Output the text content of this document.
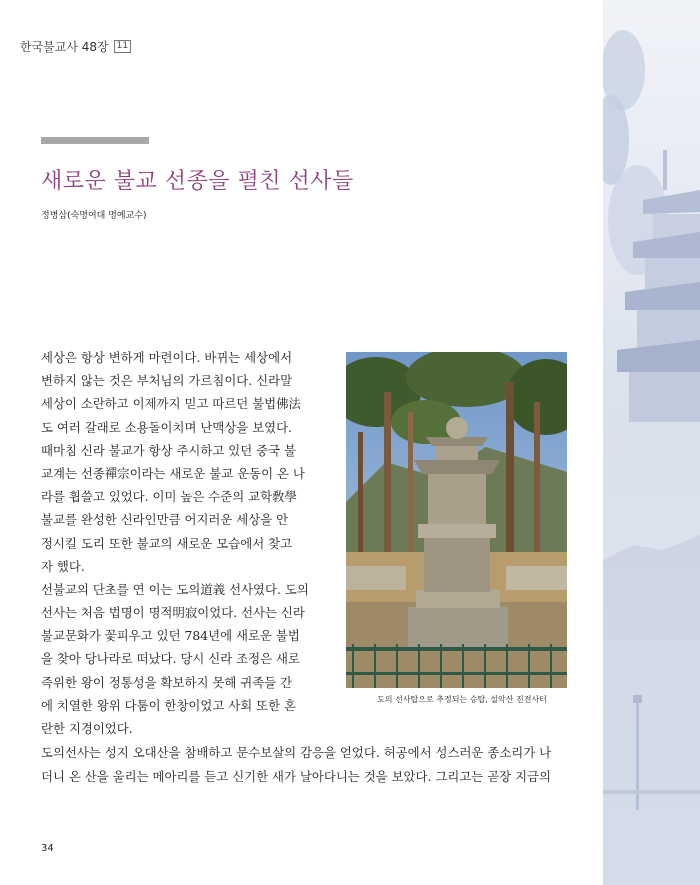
한국불교사 48장 11
새로운 불교 선종을 펼친 선사들
정병삼(숙명여대 명예교수)
세상은 항상 변하게 마련이다. 바뀌는 세상에서
변하지 않는 것은 부처님의 가르침이다. 신라말
세상이 소란하고 이제까지 믿고 따르던 불법佛法
도 여러 갈래로 소용돌이치며 난맥상을 보였다.
때마침 신라 불교가 항상 주시하고 있던 중국 불
교계는 선종禪宗이라는 새로운 불교 운동이 온 나
라를 휩쓸고 있었다. 이미 높은 수준의 교학敎學
불교를 완성한 신라인만큼 어지러운 세상을 안
정시킬 도리 또한 불교의 새로운 모습에서 찾고
자 했다.
선불교의 단초를 연 이는 도의道義 선사였다. 도의
선사는 처음 법명이 명적明寂이었다. 선사는 신라
불교문화가 꽃피우고 있던 784년에 새로운 불법
을 찾아 당나라로 떠났다. 당시 신라 조정은 새로
즉위한 왕이 정통성을 확보하지 못해 귀족들 간
에 치열한 왕위 다툼이 한창이었고 사회 또한 혼
란한 지경이었다.
도의 선사탑으로 추정되는 승탑, 설악산 진전사터
도의선사는 성지 오대산을 참배하고 문수보살의 감응을 얻었다. 허공에서 성스러운 종소리가 나
더니 온 산을 울리는 메아리를 듣고 신기한 새가 날아다니는 것을 보았다. 그리고는 곧장 지금의
34
